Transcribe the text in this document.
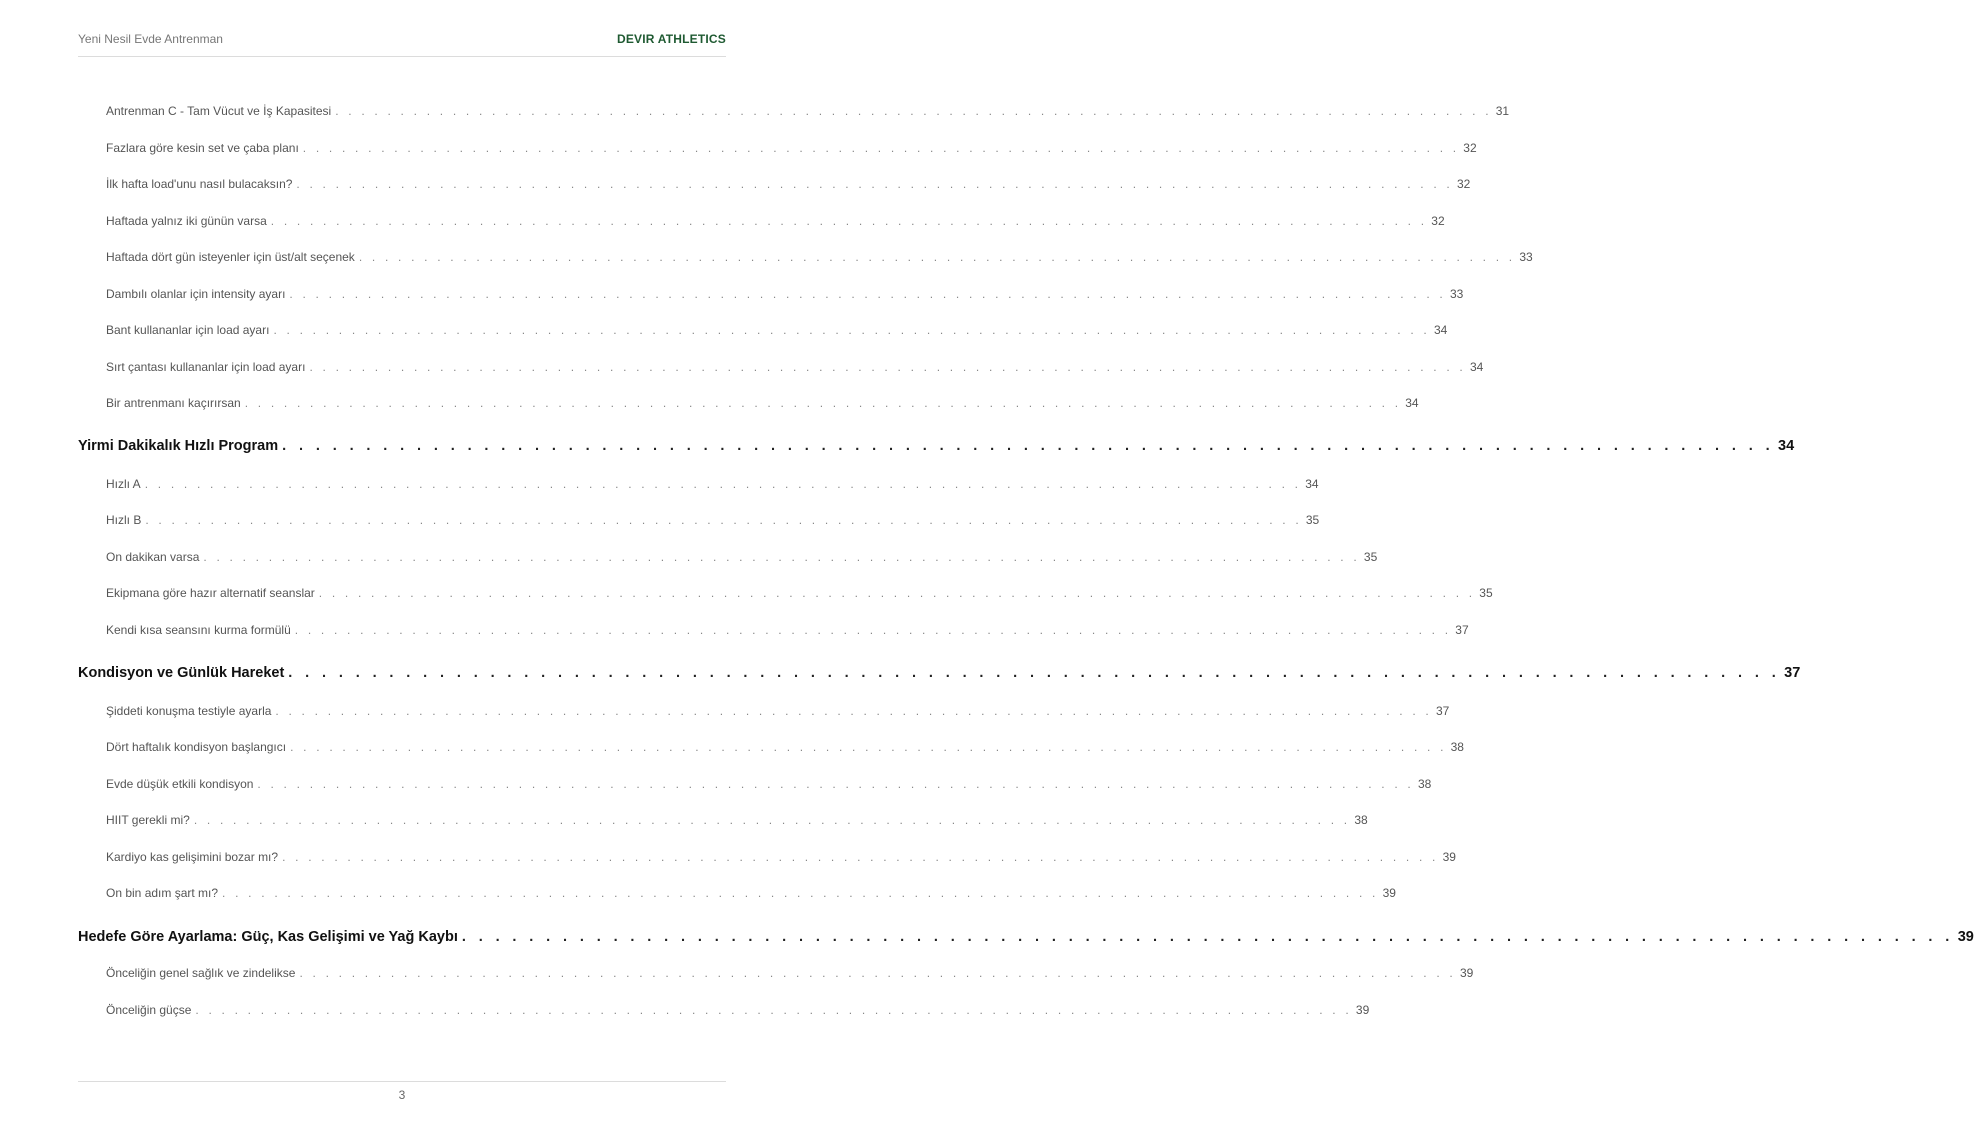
Yeni Nesil Evde Antrenman	DEVIR ATHLETICS
Antrenman C - Tam Vücut ve İş Kapasitesi . . . . . . . . . . . . . . . . . . . . . . . . . . . . . . . . . . . . . . . . . . . . . . . . . . . . . . . . . . . . . . . . . . . . . . . . . . . . . . . . . . . . . . . . . 31
Fazlara göre kesin set ve çaba planı . . . . . . . . . . . . . . . . . . . . . . . . . . . . . . . . . . . . . . . . . . . . . . . . . . . . . . . . . . . . . . . . . . . . . . . . . . . . . . . . . . . . . . . . . 32
İlk hafta load'unu nasıl bulacaksın? . . . . . . . . . . . . . . . . . . . . . . . . . . . . . . . . . . . . . . . . . . . . . . . . . . . . . . . . . . . . . . . . . . . . . . . . . . . . . . . . . . . . . . . . . 32
Haftada yalnız iki günün varsa . . . . . . . . . . . . . . . . . . . . . . . . . . . . . . . . . . . . . . . . . . . . . . . . . . . . . . . . . . . . . . . . . . . . . . . . . . . . . . . . . . . . . . . . . 32
Haftada dört gün isteyenler için üst/alt seçenek . . . . . . . . . . . . . . . . . . . . . . . . . . . . . . . . . . . . . . . . . . . . . . . . . . . . . . . . . . . . . . . . . . . . . . . . . . . . . . . . . . . . . . . . . 33
Dambılı olanlar için intensity ayarı . . . . . . . . . . . . . . . . . . . . . . . . . . . . . . . . . . . . . . . . . . . . . . . . . . . . . . . . . . . . . . . . . . . . . . . . . . . . . . . . . . . . . . . . . 33
Bant kullananlar için load ayarı . . . . . . . . . . . . . . . . . . . . . . . . . . . . . . . . . . . . . . . . . . . . . . . . . . . . . . . . . . . . . . . . . . . . . . . . . . . . . . . . . . . . . . . . . 34
Sırt çantası kullananlar için load ayarı . . . . . . . . . . . . . . . . . . . . . . . . . . . . . . . . . . . . . . . . . . . . . . . . . . . . . . . . . . . . . . . . . . . . . . . . . . . . . . . . . . . . . . . . . 34
Bir antrenmanı kaçırırsan . . . . . . . . . . . . . . . . . . . . . . . . . . . . . . . . . . . . . . . . . . . . . . . . . . . . . . . . . . . . . . . . . . . . . . . . . . . . . . . . . . . . . . . . . 34
Yirmi Dakikalık Hızlı Program . . . . . . . . . . . . . . . . . . . . . . . . . . . . . . . . . . . . . . . . . . . . . . . . . . . . . . . . . . . . . . . . . . . . . . . . . . . . . . . . . . . . . . . . . 34
Hızlı A . . . . . . . . . . . . . . . . . . . . . . . . . . . . . . . . . . . . . . . . . . . . . . . . . . . . . . . . . . . . . . . . . . . . . . . . . . . . . . . . . . . . . . . . . 34
Hızlı B . . . . . . . . . . . . . . . . . . . . . . . . . . . . . . . . . . . . . . . . . . . . . . . . . . . . . . . . . . . . . . . . . . . . . . . . . . . . . . . . . . . . . . . . . 35
On dakikan varsa . . . . . . . . . . . . . . . . . . . . . . . . . . . . . . . . . . . . . . . . . . . . . . . . . . . . . . . . . . . . . . . . . . . . . . . . . . . . . . . . . . . . . . . . . 35
Ekipmana göre hazır alternatif seanslar . . . . . . . . . . . . . . . . . . . . . . . . . . . . . . . . . . . . . . . . . . . . . . . . . . . . . . . . . . . . . . . . . . . . . . . . . . . . . . . . . . . . . . . . . 35
Kendi kısa seansını kurma formülü . . . . . . . . . . . . . . . . . . . . . . . . . . . . . . . . . . . . . . . . . . . . . . . . . . . . . . . . . . . . . . . . . . . . . . . . . . . . . . . . . . . . . . . . . 37
Kondisyon ve Günlük Hareket . . . . . . . . . . . . . . . . . . . . . . . . . . . . . . . . . . . . . . . . . . . . . . . . . . . . . . . . . . . . . . . . . . . . . . . . . . . . . . . . . . . . . . . . . 37
Şiddeti konuşma testiyle ayarla . . . . . . . . . . . . . . . . . . . . . . . . . . . . . . . . . . . . . . . . . . . . . . . . . . . . . . . . . . . . . . . . . . . . . . . . . . . . . . . . . . . . . . . . . 37
Dört haftalık kondisyon başlangıcı . . . . . . . . . . . . . . . . . . . . . . . . . . . . . . . . . . . . . . . . . . . . . . . . . . . . . . . . . . . . . . . . . . . . . . . . . . . . . . . . . . . . . . . . . 38
Evde düşük etkili kondisyon . . . . . . . . . . . . . . . . . . . . . . . . . . . . . . . . . . . . . . . . . . . . . . . . . . . . . . . . . . . . . . . . . . . . . . . . . . . . . . . . . . . . . . . . . 38
HIIT gerekli mi? . . . . . . . . . . . . . . . . . . . . . . . . . . . . . . . . . . . . . . . . . . . . . . . . . . . . . . . . . . . . . . . . . . . . . . . . . . . . . . . . . . . . . . . . . 38
Kardiyo kas gelişimini bozar mı? . . . . . . . . . . . . . . . . . . . . . . . . . . . . . . . . . . . . . . . . . . . . . . . . . . . . . . . . . . . . . . . . . . . . . . . . . . . . . . . . . . . . . . . . . 39
On bin adım şart mı? . . . . . . . . . . . . . . . . . . . . . . . . . . . . . . . . . . . . . . . . . . . . . . . . . . . . . . . . . . . . . . . . . . . . . . . . . . . . . . . . . . . . . . . . . 39
Hedefe Göre Ayarlama: Güç, Kas Gelişimi ve Yağ Kaybı . . . . . . . . . . . . . . . . . . . . . . . . . . . . . . . . . . . . . . . . . . . . . . . . . . . . . . . . . . . . . . . . . . . . . . . . . . . . . . . . . . . . . . . . . 39
Önceliğin genel sağlık ve zindelikse . . . . . . . . . . . . . . . . . . . . . . . . . . . . . . . . . . . . . . . . . . . . . . . . . . . . . . . . . . . . . . . . . . . . . . . . . . . . . . . . . . . . . . . . . 39
Önceliğin güçse . . . . . . . . . . . . . . . . . . . . . . . . . . . . . . . . . . . . . . . . . . . . . . . . . . . . . . . . . . . . . . . . . . . . . . . . . . . . . . . . . . . . . . . . . 39
3
